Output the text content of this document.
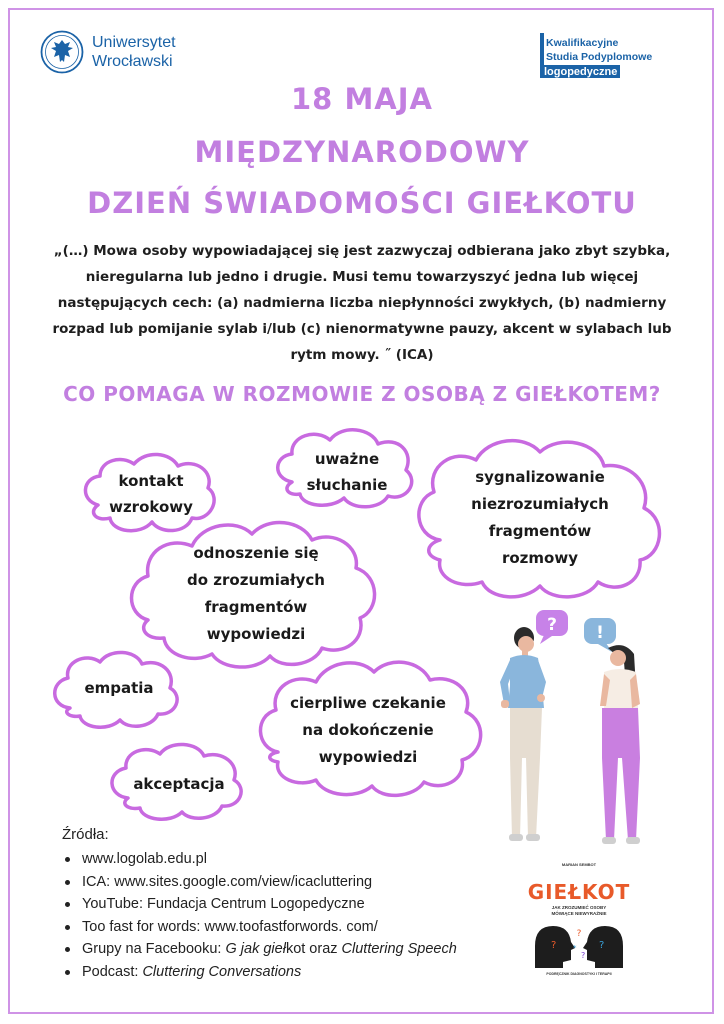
Uniwersytet
Wrocławski
Kwalifikacyjne
Studia Podyplomowe
logopedyczne
18 MAJA
MIĘDZYNARODOWY
DZIEŃ ŚWIADOMOŚCI GIEŁKOTU
„(…) Mowa osoby wypowiadającej się jest zazwyczaj odbierana jako zbyt szybka, nieregularna lub jedno i drugie. Musi temu towarzyszyć jedna lub więcej następujących cech: (a) nadmierna liczba niepłynności zwykłych, (b) nadmierny rozpad lub pomijanie sylab i/lub (c) nienormatywne pauzy, akcent w sylabach lub rytm mowy. ˝ (ICA)
CO POMAGA W ROZMOWIE Z OSOBĄ Z GIEŁKOTEM?
kontakt
wzrokowy
uważne
słuchanie	sygnalizowanie
niezrozumiałych
fragmentów
rozmowy
odnoszenie się
do zrozumiałych
fragmentów
wypowiedzi
empatia
cierpliwe czekanie
na dokończenie
wypowiedzi
akceptacja
? !
Źródła:
www.logolab.edu.pl
ICA: www.sites.google.com/view/icacluttering
YouTube: Fundacja Centrum Logopedyczne
Too fast for words: www.toofastforwords. com/
Grupy na Facebooku: G jak giełkot oraz Cluttering Speech
Podcast: Cluttering Conversations
MARIAN SEMBOT
GIEŁKOT
JAK ZROZUMIEĆ OSOBY
MÓWIĄCE NIEWYRAŹNIE
?
*
?
?	?
PODRĘCZNIK DIAGNOSTYKI I TERAPII
